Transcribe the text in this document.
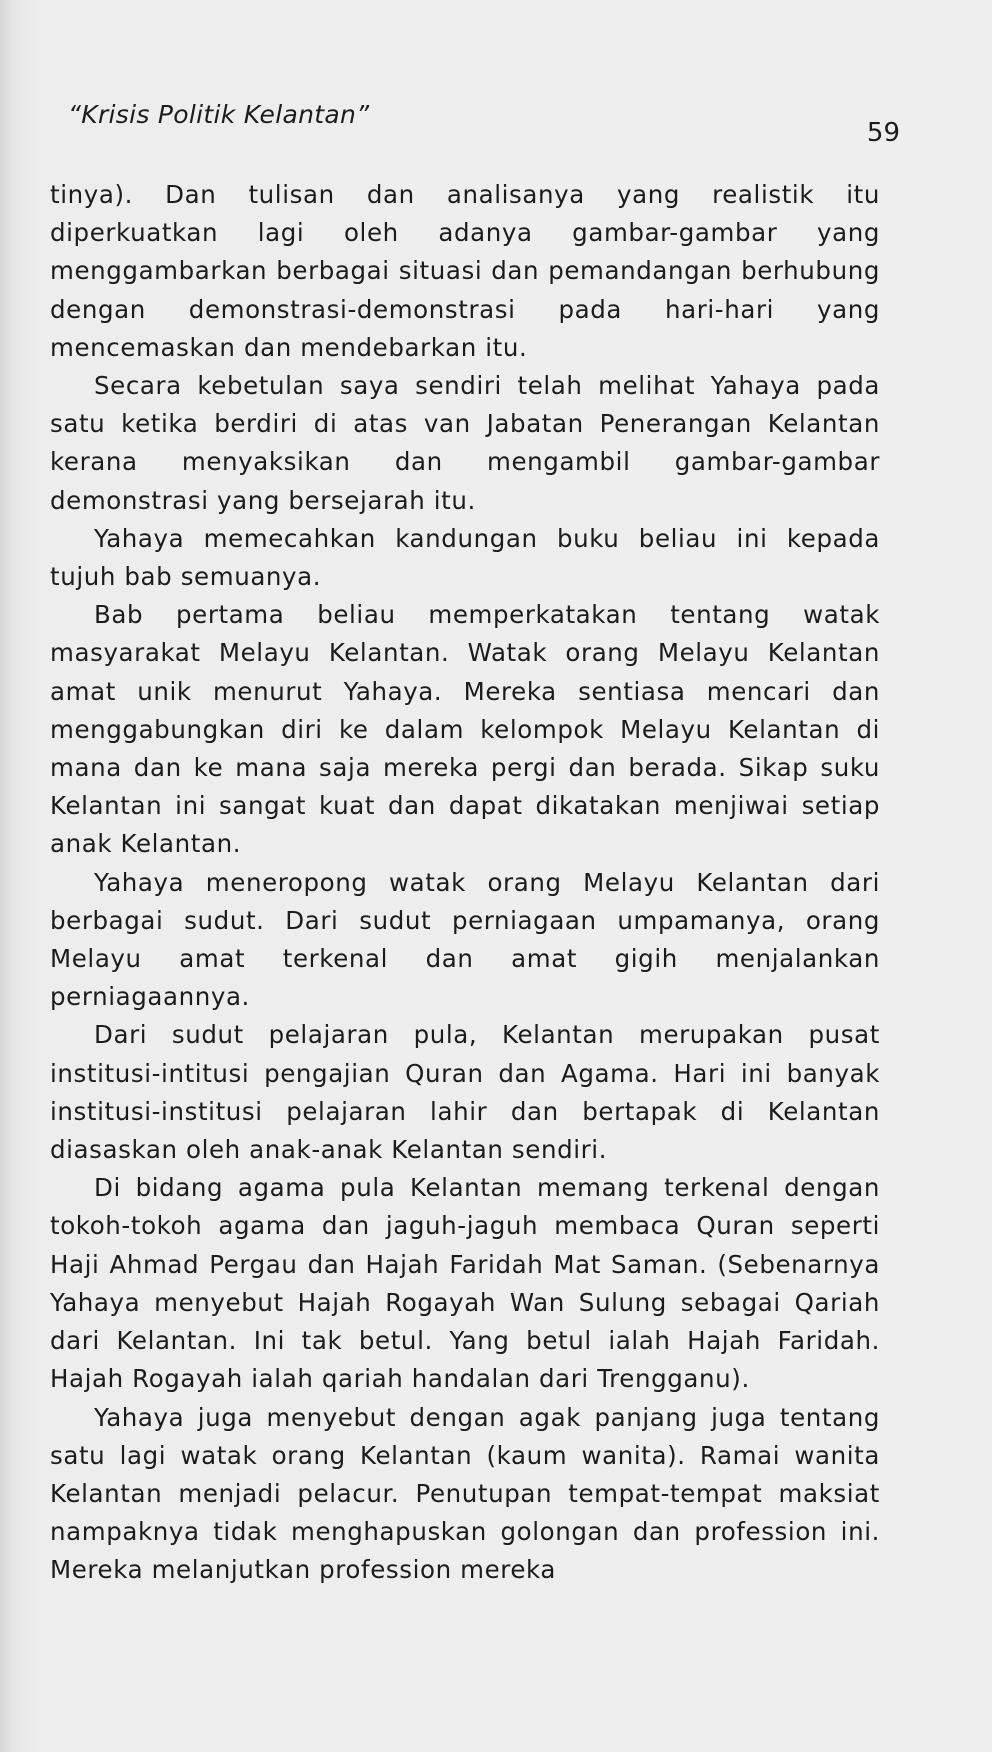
“Krisis Politik Kelantan”
59

tinya). Dan tulisan dan analisanya yang realistik itu diperkuatkan lagi oleh adanya gambar-gambar yang menggambarkan berbagai situasi dan pemandangan berhubung dengan demonstrasi-demonstrasi pada hari-hari yang mencemaskan dan mendebarkan itu.

Secara kebetulan saya sendiri telah melihat Yahaya pada satu ketika berdiri di atas van Jabatan Penerangan Kelantan kerana menyaksikan dan mengambil gambar-gambar demonstrasi yang bersejarah itu.

Yahaya memecahkan kandungan buku beliau ini kepada tujuh bab semuanya.

Bab pertama beliau memperkatakan tentang watak masyarakat Melayu Kelantan. Watak orang Melayu Kelantan amat unik menurut Yahaya. Mereka sentiasa mencari dan menggabungkan diri ke dalam kelompok Melayu Kelantan di mana dan ke mana saja mereka pergi dan berada. Sikap suku Kelantan ini sangat kuat dan dapat dikatakan menjiwai setiap anak Kelantan.

Yahaya meneropong watak orang Melayu Kelantan dari berbagai sudut. Dari sudut perniagaan umpamanya, orang Melayu amat terkenal dan amat gigih menjalankan perniagaannya.

Dari sudut pelajaran pula, Kelantan merupakan pusat institusi-intitusi pengajian Quran dan Agama. Hari ini banyak institusi-institusi pelajaran lahir dan bertapak di Kelantan diasaskan oleh anak-anak Kelantan sendiri.

Di bidang agama pula Kelantan memang terkenal dengan tokoh-tokoh agama dan jaguh-jaguh membaca Quran seperti Haji Ahmad Pergau dan Hajah Faridah Mat Saman. (Sebenarnya Yahaya menyebut Hajah Rogayah Wan Sulung sebagai Qariah dari Kelantan. Ini tak betul. Yang betul ialah Hajah Faridah. Hajah Rogayah ialah qariah handalan dari Trengganu).

Yahaya juga menyebut dengan agak panjang juga tentang satu lagi watak orang Kelantan (kaum wanita). Ramai wanita Kelantan menjadi pelacur. Penutupan tempat-tempat maksiat nampaknya tidak menghapuskan golongan dan profession ini. Mereka melanjutkan profession mereka
